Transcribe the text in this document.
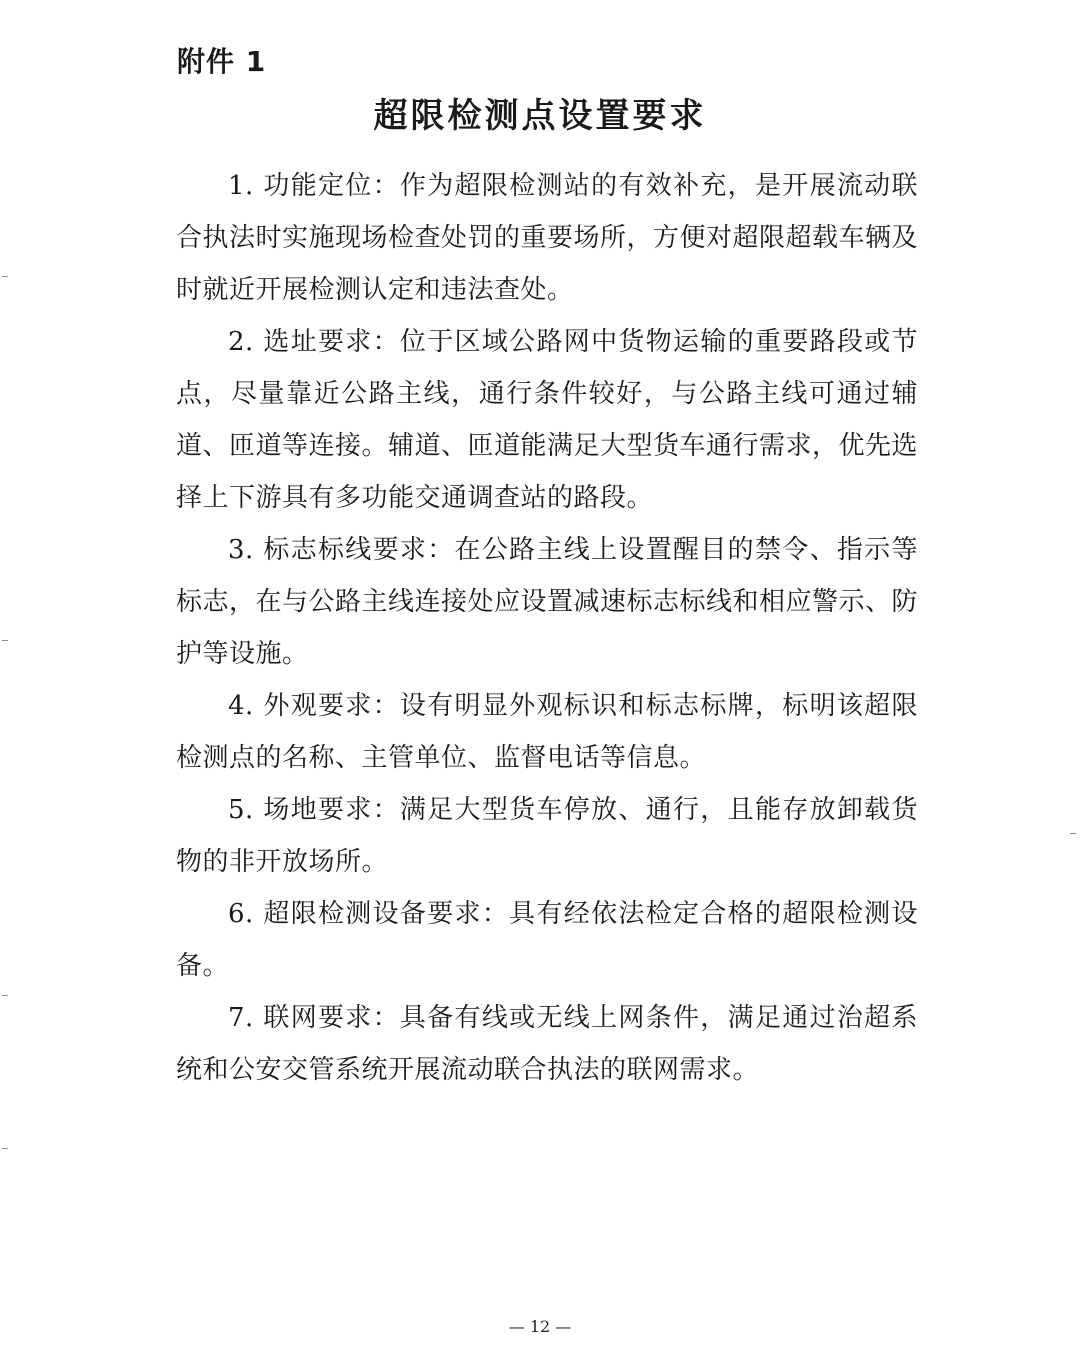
附件 1
超限检测点设置要求

1. 功能定位：作为超限检测站的有效补充，是开展流动联合执法时实施现场检查处罚的重要场所，方便对超限超载车辆及时就近开展检测认定和违法查处。

2. 选址要求：位于区域公路网中货物运输的重要路段或节点，尽量靠近公路主线，通行条件较好，与公路主线可通过辅道、匝道等连接。辅道、匝道能满足大型货车通行需求，优先选择上下游具有多功能交通调查站的路段。

3. 标志标线要求：在公路主线上设置醒目的禁令、指示等标志，在与公路主线连接处应设置减速标志标线和相应警示、防护等设施。

4. 外观要求：设有明显外观标识和标志标牌，标明该超限检测点的名称、主管单位、监督电话等信息。

5. 场地要求：满足大型货车停放、通行，且能存放卸载货物的非开放场所。

6. 超限检测设备要求：具有经依法检定合格的超限检测设备。

7. 联网要求：具备有线或无线上网条件，满足通过治超系统和公安交管系统开展流动联合执法的联网需求。

— 12 —
